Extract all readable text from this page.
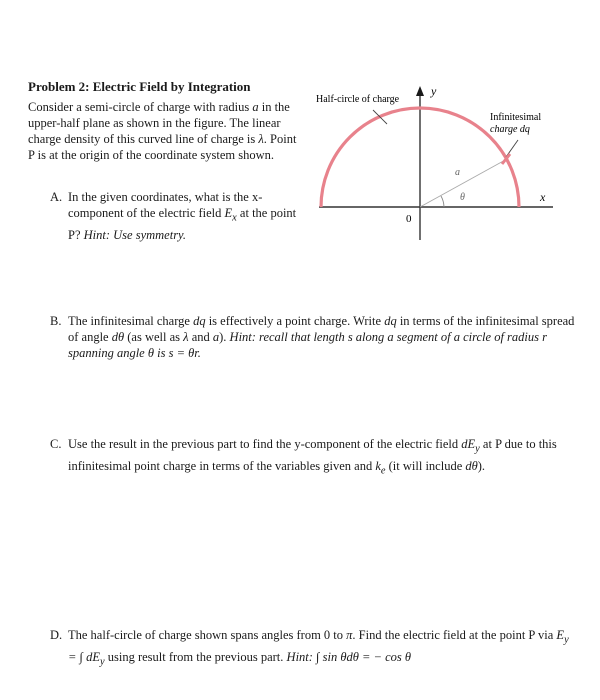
Problem 2: Electric Field by Integration
Consider a semi-circle of charge with radius a in the upper-half plane as shown in the figure. The linear charge density of this curved line of charge is λ. Point P is at the origin of the coordinate system shown.
Half-circle of charge
Infinitesimal
charge dq
y
x
0
a
θ
A. In the given coordinates, what is the x-component of the electric field $E_x$ at the point P? Hint: Use symmetry.
B. The infinitesimal charge dq is effectively a point charge. Write dq in terms of the infinitesimal spread of angle dθ (as well as λ and a). Hint: recall that length s along a segment of a circle of radius r spanning angle θ is s = θr.
C. Use the result in the previous part to find the y-component of the electric field $dE_y$ at P due to this infinitesimal point charge in terms of the variables given and $k_e$ (it will include dθ).
D. The half-circle of charge shown spans angles from 0 to π. Find the electric field at the point P via $E_y$ = ∫ $dE_y$ using result from the previous part. Hint: ∫ sin θdθ = − cos θ
